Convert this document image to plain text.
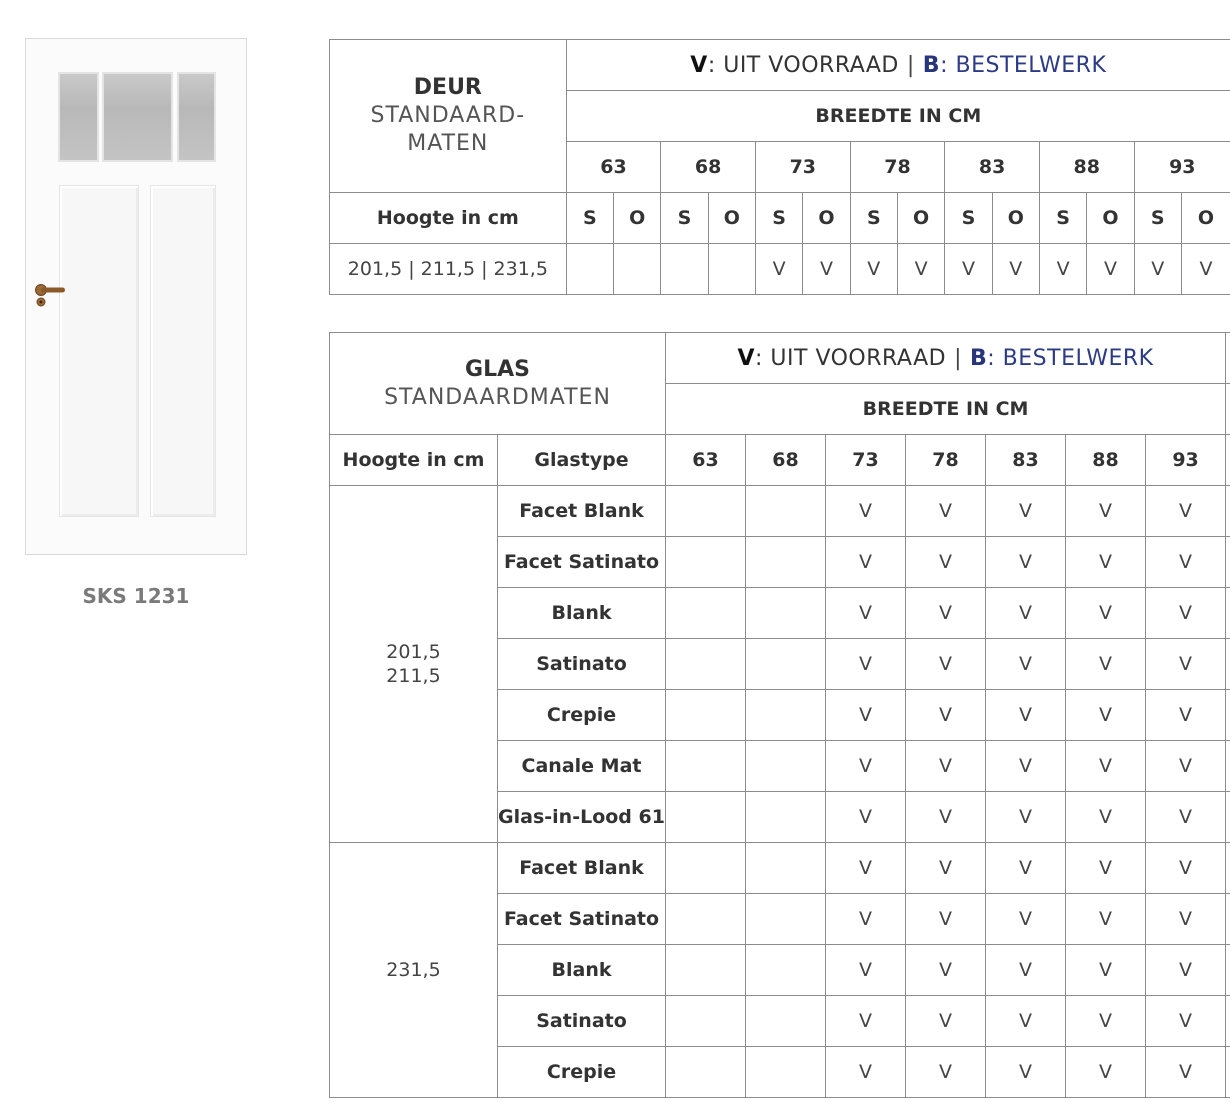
SKS 1231
DEUR
STANDAARD-
MATEN	V: UIT VOORRAAD | B: BESTELWERK													
	BREEDTE IN CM													
	63		68		73		78		83		88		93	
Hoogte in cm	S	O	S	O	S	O	S	O	S	O	S	O	S	O
201,5 | 211,5 | 231,5					V	V	V	V	V	V	V	V	V	V
GLAS
STANDAARDMATEN		V: UIT VOORRAAD | B: BESTELWERK							
		BREEDTE IN CM							
Hoogte in cm	Glastype	63	68	73	78	83	88	93	

201,5
211,5	Facet Blank			V	V	V	V	V	
	Facet Satinato			V	V	V	V	V	
	Blank			V	V	V	V	V	
	Satinato			V	V	V	V	V	
	Crepie			V	V	V	V	V	
	Canale Mat			V	V	V	V	V	
	Glas-in-Lood 61			V	V	V	V	V	

231,5	Facet Blank			V	V	V	V	V	
	Facet Satinato			V	V	V	V	V	
	Blank			V	V	V	V	V	
	Satinato			V	V	V	V	V	
	Crepie			V	V	V	V	V	
